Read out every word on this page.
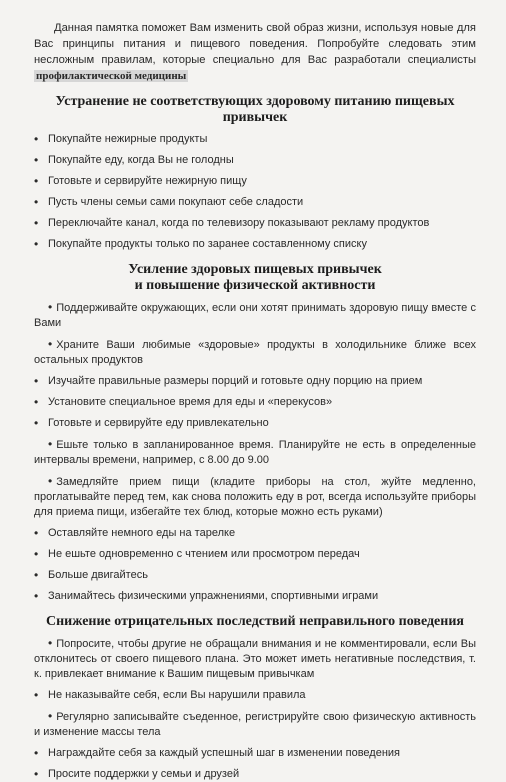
Данная памятка поможет Вам изменить свой образ жизни, используя новые для Вас принципы питания и пищевого поведения. Попробуйте следовать этим несложным правилам, которые специально для Вас разработали специалисты профилактической медицины

Устранение не соответствующих здоровому питанию пищевых привычек
• Покупайте нежирные продукты
• Покупайте еду, когда Вы не голодны
• Готовьте и сервируйте нежирную пищу
• Пусть члены семьи сами покупают себе сладости
• Переключайте канал, когда по телевизору показывают рекламу продуктов
• Покупайте продукты только по заранее составленному списку
Усиление здоровых пищевых привычек
и повышение физической активности
• Поддерживайте окружающих, если они хотят принимать здоровую пищу вместе с Вами
• Храните Ваши любимые «здоровые» продукты в холодильнике ближе всех остальных продуктов
• Изучайте правильные размеры порций и готовьте одну порцию на прием
• Установите специальное время для еды и «перекусов»
• Готовьте и сервируйте еду привлекательно
• Ешьте только в запланированное время. Планируйте не есть в определенные интервалы времени, например, с 8.00 до 9.00
• Замедляйте прием пищи (кладите приборы на стол, жуйте медленно, проглатывайте перед тем, как снова положить еду в рот, всегда используйте приборы для приема пищи, избегайте тех блюд, которые можно есть руками)
• Оставляйте немного еды на тарелке
• Не ешьте одновременно с чтением или просмотром передач
• Больше двигайтесь
• Занимайтесь физическими упражнениями, спортивными играми
Снижение отрицательных последствий неправильного поведения
• Попросите, чтобы другие не обращали внимания и не комментировали, если Вы отклонитесь от своего пищевого плана. Это может иметь негативные последствия, т. к. привлекает внимание к Вашим пищевым привычкам
• Не наказывайте себя, если Вы нарушили правила
• Регулярно записывайте съеденное, регистрируйте свою физическую активность и изменение массы тела
• Награждайте себя за каждый успешный шаг в изменении поведения
• Просите поддержки у семьи и друзей
